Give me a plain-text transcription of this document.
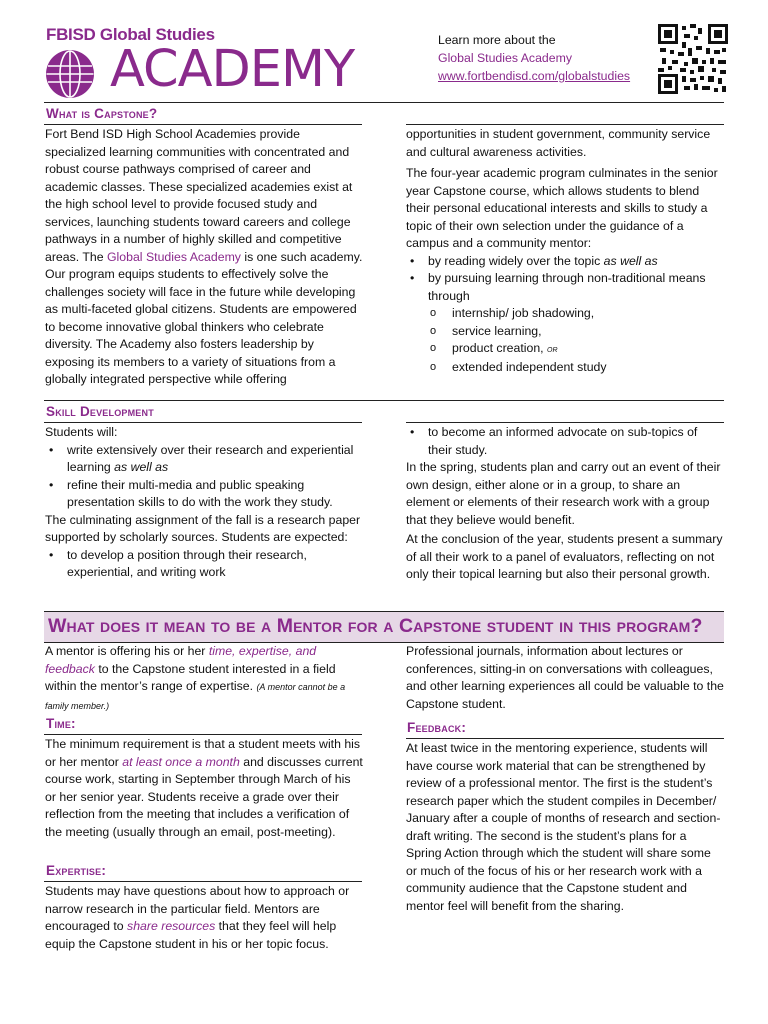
FBISD Global Studies
ACADEMY	Learn more about the
Global Studies Academy
www.fortbendisd.com/globalstudies
What is Capstone?

Fort Bend ISD High School Academies provide specialized learning communities with concentrated and robust course pathways comprised of career and academic classes. These specialized academies exist at the high school level to provide focused study and services, launching students toward careers and college pathways in a number of highly skilled and competitive areas. The Global Studies Academy is one such academy. Our program equips students to effectively solve the challenges society will face in the future while developing as multi-faceted global citizens. Students are empowered to become innovative global thinkers who celebrate diversity. The Academy also fosters leadership by exposing its members to a variety of situations from a globally integrated perspective while offering

opportunities in student government, community service and cultural awareness activities.

The four-year academic program culminates in the senior year Capstone course, which allows students to blend their personal educational interests and skills to study a topic of their own selection under the guidance of a campus and a community mentor:

• by reading widely over the topic as well as
• by pursuing learning through non-traditional means through
o internship/ job shadowing,
o service learning,
o product creation, or
o extended independent study
Skill Development

Students will:

• write extensively over their research and experiential learning as well as
• refine their multi-media and public speaking presentation skills to do with the work they study.

The culminating assignment of the fall is a research paper supported by scholarly sources. Students are expected:

• to develop a position through their research, experiential, and writing work
• to become an informed advocate on sub-topics of their study.

In the spring, students plan and carry out an event of their own design, either alone or in a group, to share an element or elements of their research work with a group that they believe would benefit.

At the conclusion of the year, students present a summary of all their work to a panel of evaluators, reflecting on not only their topical learning but also their personal growth.

What does it mean to be a Mentor for a Capstone student in this program?

A mentor is offering his or her time, expertise, and feedback to the Capstone student interested in a field within the mentor’s range of expertise. (A mentor cannot be a family member.)

Time:

The minimum requirement is that a student meets with his or her mentor at least once a month and discusses current course work, starting in September through March of his or her senior year. Students receive a grade over their reflection from the meeting that includes a verification of the meeting (usually through an email, post-meeting).

Expertise:

Students may have questions about how to approach or narrow research in the particular field. Mentors are encouraged to share resources that they feel will help equip the Capstone student in his or her topic focus.

Professional journals, information about lectures or conferences, sitting-in on conversations with colleagues, and other learning experiences all could be valuable to the Capstone student.

Feedback:

At least twice in the mentoring experience, students will have course work material that can be strengthened by review of a professional mentor. The first is the student’s research paper which the student compiles in December/ January after a couple of months of research and section-draft writing. The second is the student’s plans for a Spring Action through which the student will share some or much of the focus of his or her research work with a community audience that the Capstone student and mentor feel will benefit from the sharing.
